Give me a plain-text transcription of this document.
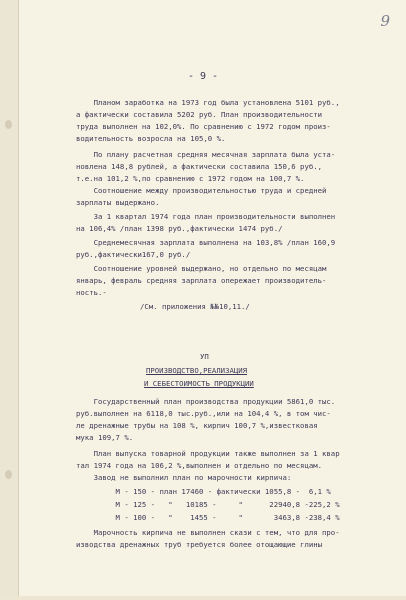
9
- 9 -
Планом заработка на 1973 год была установлена 5101 руб.,
а фактически составила 5202 руб. План производительности
труда выполнен на 102,0%. По сравнению с 1972 годом произ-
водительность возросла на 105,0 %.
По плану расчетная средняя месячная зарплата была уста-
новлена 148,8 рублей, а фактически составила 150,6 руб.,
т.е.на 101,2 %,по сравнению с 1972 годом на 100,7 %.
Соотношение между производительностью труда и средней
зарплаты выдержано.
За 1 квартал 1974 года план производительности выполнен
на 106,4% /план 1398 руб.,фактически 1474 руб./
Среднемесячная зарплата выполнена на 103,8% /план 160,9
руб.,фактически167,0 руб./
Соотношение уровней выдержано, но отдельно по месяцам
январь, февраль средняя зарплата опережает производитель-
ность.-
/См. приложения №№10,11./
УП
ПРОИЗВОДСТВО,РЕАЛИЗАЦИЯ
И СЕБЕСТОИМОСТЬ ПРОДУКЦИИ
Государственный план производства продукции 5861,0 тыс.
руб.выполнен на 6118,0 тыс.руб.,или на 104,4 %, в том чис-
ле дренажные трубы на 108 %, кирпич 100,7 %,известковая
мука 109,7 %.
План выпуска товарной продукции также выполнен за 1 квар
тал 1974 года на 106,2 %,выполнен и отдельно по месяцам.
Завод не выполнил план по марочности кирпича:
М - 150 - план 17460 - фактически 1055,8 -  6,1 %
М - 125 -   "   10185 -     "      22940,8 -225,2 %
М - 100 -   "    1455 -     "       3463,8 -238,4 %
Марочность кирпича не выполнен скази с тем, что для про-
изводства дренажных труб требуется более отощающие глины
